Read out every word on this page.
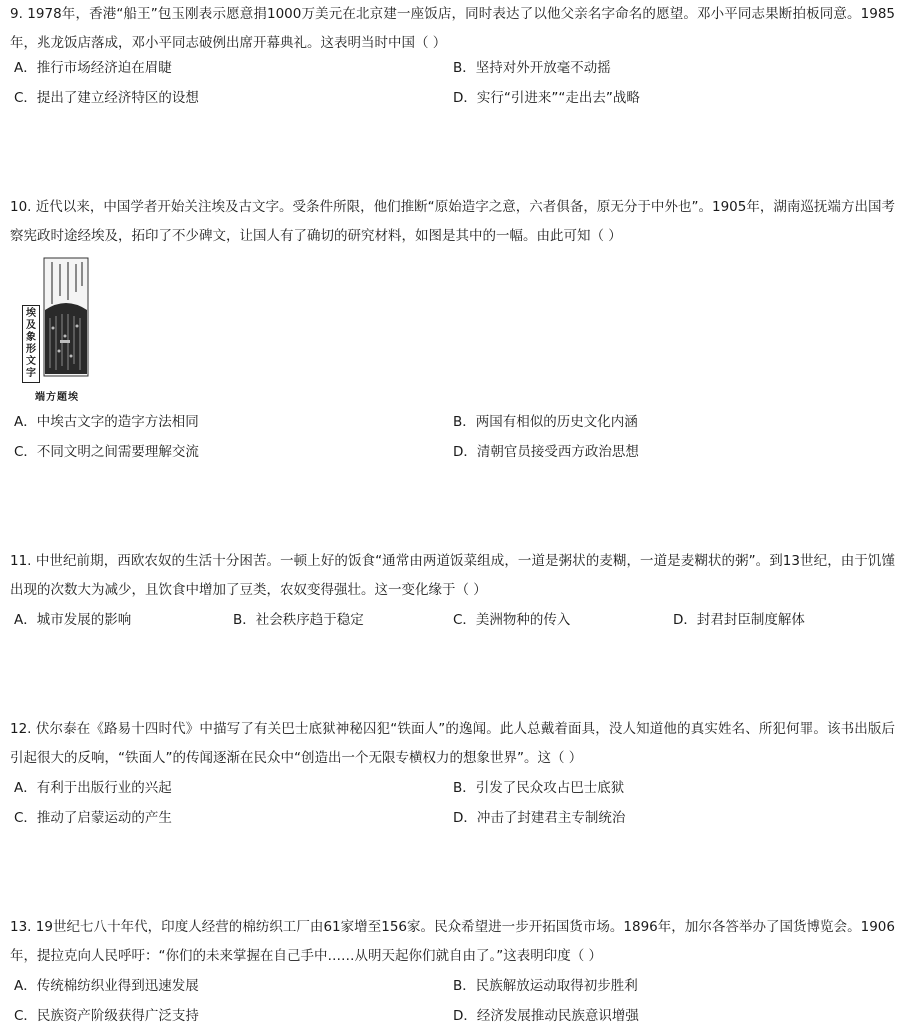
9. 1978年，香港“船王”包玉刚表示愿意捐1000万美元在北京建一座饭店，同时表达了以他父亲名字命名的愿望。邓小平同志果断拍板同意。1985年，兆龙饭店落成，邓小平同志破例出席开幕典礼。这表明当时中国（ ）

A．推行市场经济迫在眉睫	B．坚持对外开放毫不动摇
C．提出了建立经济特区的设想	D．实行“引进来”“走出去”战略

10. 近代以来，中国学者开始关注埃及古文字。受条件所限，他们推断“原始造字之意，六者俱备，原无分于中外也”。1905年，湖南巡抚端方出国考察宪政时途经埃及，拓印了不少碑文，让国人有了确切的研究材料，如图是其中的一幅。由此可知（ ）

埃及象形文字
端方题埃
A．中埃古文字的造字方法相同	B．两国有相似的历史文化内涵
C．不同文明之间需要理解交流	D．清朝官员接受西方政治思想

11. 中世纪前期，西欧农奴的生活十分困苦。一顿上好的饭食“通常由两道饭菜组成，一道是粥状的麦糊，一道是麦糊状的粥”。到13世纪，由于饥馑出现的次数大为减少，且饮食中增加了豆类，农奴变得强壮。这一变化缘于（ ）

A．城市发展的影响	B．社会秩序趋于稳定	C．美洲物种的传入	D．封君封臣制度解体

12. 伏尔泰在《路易十四时代》中描写了有关巴士底狱神秘囚犯“铁面人”的逸闻。此人总戴着面具，没人知道他的真实姓名、所犯何罪。该书出版后引起很大的反响，“铁面人”的传闻逐渐在民众中“创造出一个无限专横权力的想象世界”。这（ ）

A．有利于出版行业的兴起	B．引发了民众攻占巴士底狱
C．推动了启蒙运动的产生	D．冲击了封建君主专制统治

13. 19世纪七八十年代，印度人经营的棉纺织工厂由61家增至156家。民众希望进一步开拓国货市场。1896年，加尔各答举办了国货博览会。1906年，提拉克向人民呼吁：“你们的未来掌握在自己手中……从明天起你们就自由了。”这表明印度（ ）

A．传统棉纺织业得到迅速发展	B．民族解放运动取得初步胜利
C．民族资产阶级获得广泛支持	D．经济发展推动民族意识增强
